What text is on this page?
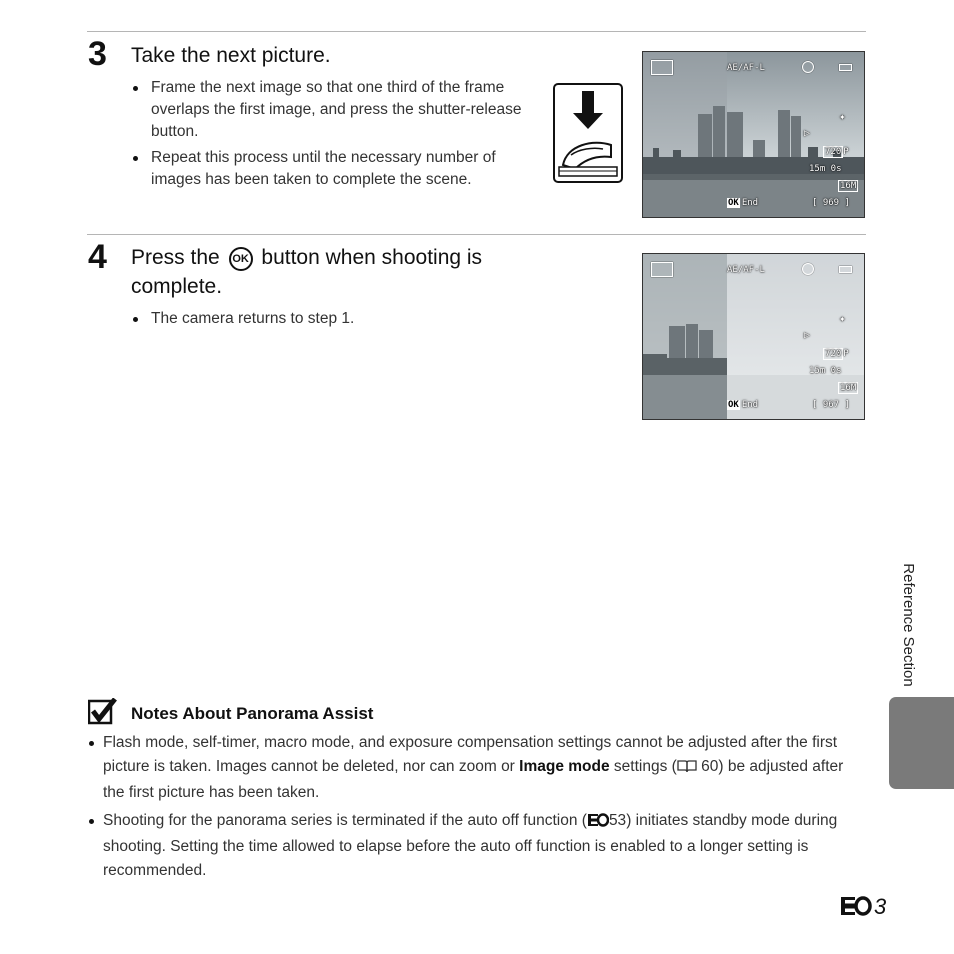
3 Take the next picture.
Frame the next image so that one third of the frame overlaps the first image, and press the shutter-release button.
Repeat this process until the necessary number of images has been taken to complete the scene.
AE/AF-L
✦
▷
720 P
15m 0s
16M
OK End	[ 969 ]
4 Press the OK button when shooting is complete.
The camera returns to step 1.
AE/AF-L
✦
▷
720 P
15m 0s
16M
OK End	[ 967 ]
Notes About Panorama Assist
Flash mode, self-timer, macro mode, and exposure compensation settings cannot be adjusted after the first picture is taken. Images cannot be deleted, nor can zoom or Image mode settings ( 60) be adjusted after the first picture has been taken.
Shooting for the panorama series is terminated if the auto off function ( 53) initiates standby mode during shooting. Setting the time allowed to elapse before the auto off function is enabled to a longer setting is recommended.
Reference Section
3
